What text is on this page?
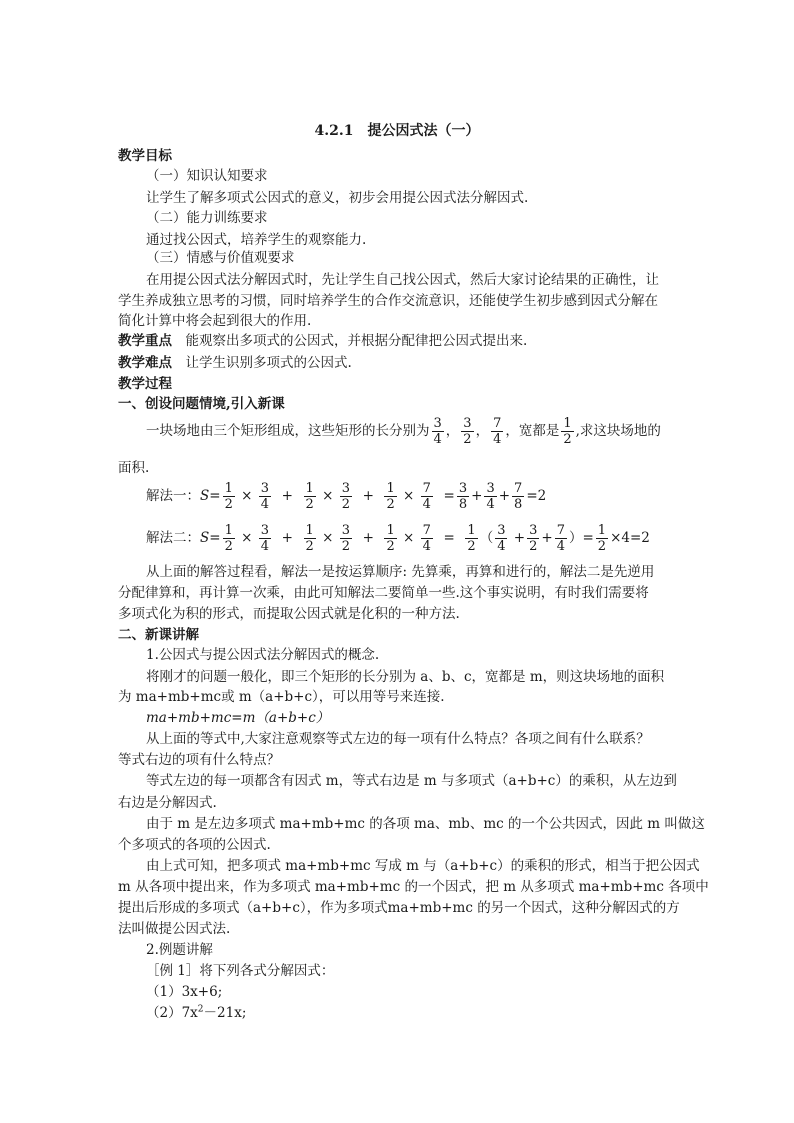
4.2.1　提公因式法（一）
教学目标
（一）知识认知要求
让学生了解多项式公因式的意义，初步会用提公因式法分解因式.
（二）能力训练要求
通过找公因式，培养学生的观察能力.
（三）情感与价值观要求
在用提公因式法分解因式时，先让学生自己找公因式，然后大家讨论结果的正确性，让
学生养成独立思考的习惯，同时培养学生的合作交流意识，还能使学生初步感到因式分解在
简化计算中将会起到很大的作用.
教学重点　 能观察出多项式的公因式，并根据分配律把公因式提出来.
教学难点　 让学生识别多项式的公因式.
教学过程
一、创设问题情境,引入新课
一块场地由三个矩形组成，这些矩形的长分别为 $\frac{3}{4}$ ， $\frac{3}{2}$ ， $\frac{7}{4}$ ，宽都是 $\frac{1}{2}$ ,求这块场地的
面积.
解法一： $S = \frac{1}{2} \times \frac{3}{4} + \frac{1}{2} \times \frac{3}{2} + \frac{1}{2} \times \frac{7}{4} = \frac{3}{8} + \frac{3}{4} + \frac{7}{8} =2$
解法二： $S = \frac{1}{2} \times \frac{3}{4} + \frac{1}{2} \times \frac{3}{2} + \frac{1}{2} \times \frac{7}{4} = \frac{1}{2}$ （ $\frac{3}{4} + \frac{3}{2} + \frac{7}{4}$ ）= $\frac{1}{2} \times 4=2$
从上面的解答过程看，解法一是按运算顺序: 先算乘，再算和进行的，解法二是先逆用
分配律算和，再计算一次乘，由此可知解法二要简单一些.这个事实说明，有时我们需要将
多项式化为积的形式，而提取公因式就是化积的一种方法.
二、新课讲解
1.公因式与提公因式法分解因式的概念.
将刚才的问题一般化，即三个矩形的长分别为 a、b、c，宽都是 m，则这块场地的面积
为 ma+mb+mc或 m（a+b+c），可以用等号来连接.
ma+mb+mc=m（a+b+c）
从上面的等式中,大家注意观察等式左边的每一项有什么特点？各项之间有什么联系？
等式右边的项有什么特点？
等式左边的每一项都含有因式 m，等式右边是 m 与多项式（a+b+c）的乘积，从左边到
右边是分解因式.
由于 m 是左边多项式 ma+mb+mc 的各项 ma、mb、mc 的一个公共因式，因此 m 叫做这
个多项式的各项的公因式.
由上式可知，把多项式 ma+mb+mc 写成 m 与（a+b+c）的乘积的形式，相当于把公因式
m 从各项中提出来，作为多项式 ma+mb+mc 的一个因式，把 m 从多项式 ma+mb+mc 各项中
提出后形成的多项式（a+b+c），作为多项式ma+mb+mc 的另一个因式，这种分解因式的方
法叫做提公因式法.
2.例题讲解
［例 1］将下列各式分解因式：
（1）3x+6;
$(2)7x^2-21x$;
